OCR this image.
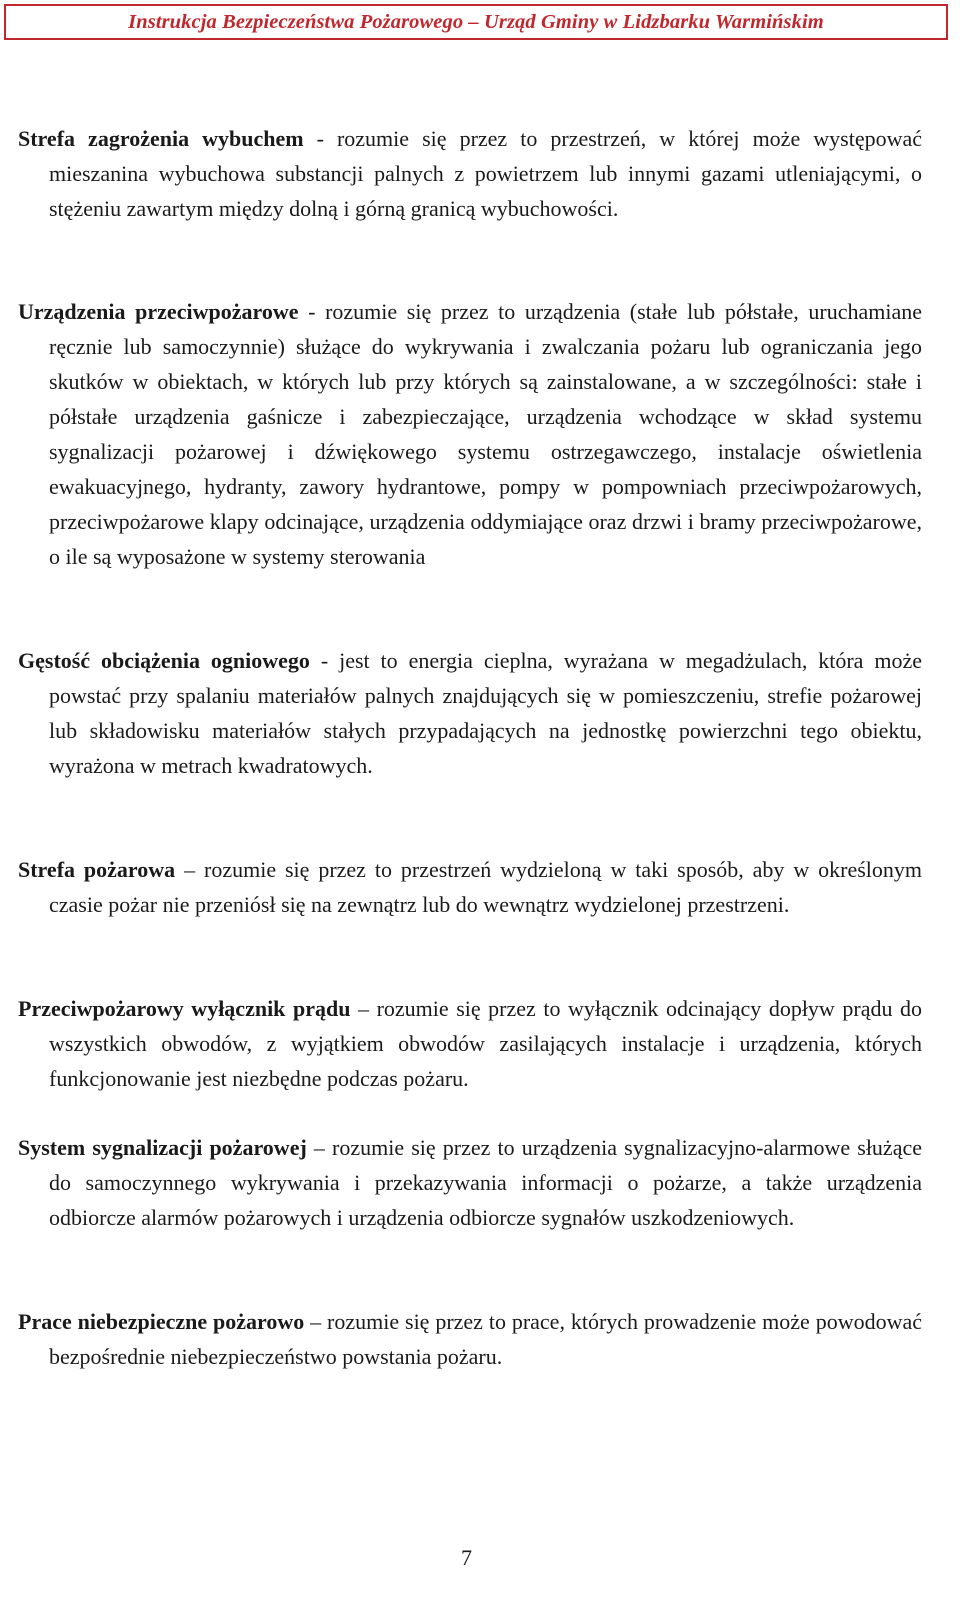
Instrukcja Bezpieczeństwa Pożarowego – Urząd Gminy w Lidzbarku Warmińskim

Strefa zagrożenia wybuchem - rozumie się przez to przestrzeń, w której może występować mieszanina wybuchowa substancji palnych z powietrzem lub innymi gazami utleniającymi, o stężeniu zawartym między dolną i górną granicą wybuchowości.

Urządzenia przeciwpożarowe - rozumie się przez to urządzenia (stałe lub półstałe, uruchamiane ręcznie lub samoczynnie) służące do wykrywania i zwalczania pożaru lub ograniczania jego skutków w obiektach, w których lub przy których są zainstalowane, a w szczególności: stałe i półstałe urządzenia gaśnicze i zabezpieczające, urządzenia wchodzące w skład systemu sygnalizacji pożarowej i dźwiękowego systemu ostrzegawczego, instalacje oświetlenia ewakuacyjnego, hydranty, zawory hydrantowe, pompy w pompowniach przeciwpożarowych, przeciwpożarowe klapy odcinające, urządzenia oddymiające oraz drzwi i bramy przeciwpożarowe, o ile są wyposażone w systemy sterowania

Gęstość obciążenia ogniowego - jest to energia cieplna, wyrażana w megadżulach, która może powstać przy spalaniu materiałów palnych znajdujących się w pomieszczeniu, strefie pożarowej lub składowisku materiałów stałych przypadających na jednostkę powierzchni tego obiektu, wyrażona w metrach kwadratowych.

Strefa pożarowa – rozumie się przez to przestrzeń wydzieloną w taki sposób, aby w określonym czasie pożar nie przeniósł się na zewnątrz lub do wewnątrz wydzielonej przestrzeni.

Przeciwpożarowy wyłącznik prądu – rozumie się przez to wyłącznik odcinający dopływ prądu do wszystkich obwodów, z wyjątkiem obwodów zasilających instalacje i urządzenia, których funkcjonowanie jest niezbędne podczas pożaru.

System sygnalizacji pożarowej – rozumie się przez to urządzenia sygnalizacyjno-alarmowe służące do samoczynnego wykrywania i przekazywania informacji o pożarze, a także urządzenia odbiorcze alarmów pożarowych i urządzenia odbiorcze sygnałów uszkodzeniowych.

Prace niebezpieczne pożarowo – rozumie się przez to prace, których prowadzenie może powodować bezpośrednie niebezpieczeństwo powstania pożaru.

7
